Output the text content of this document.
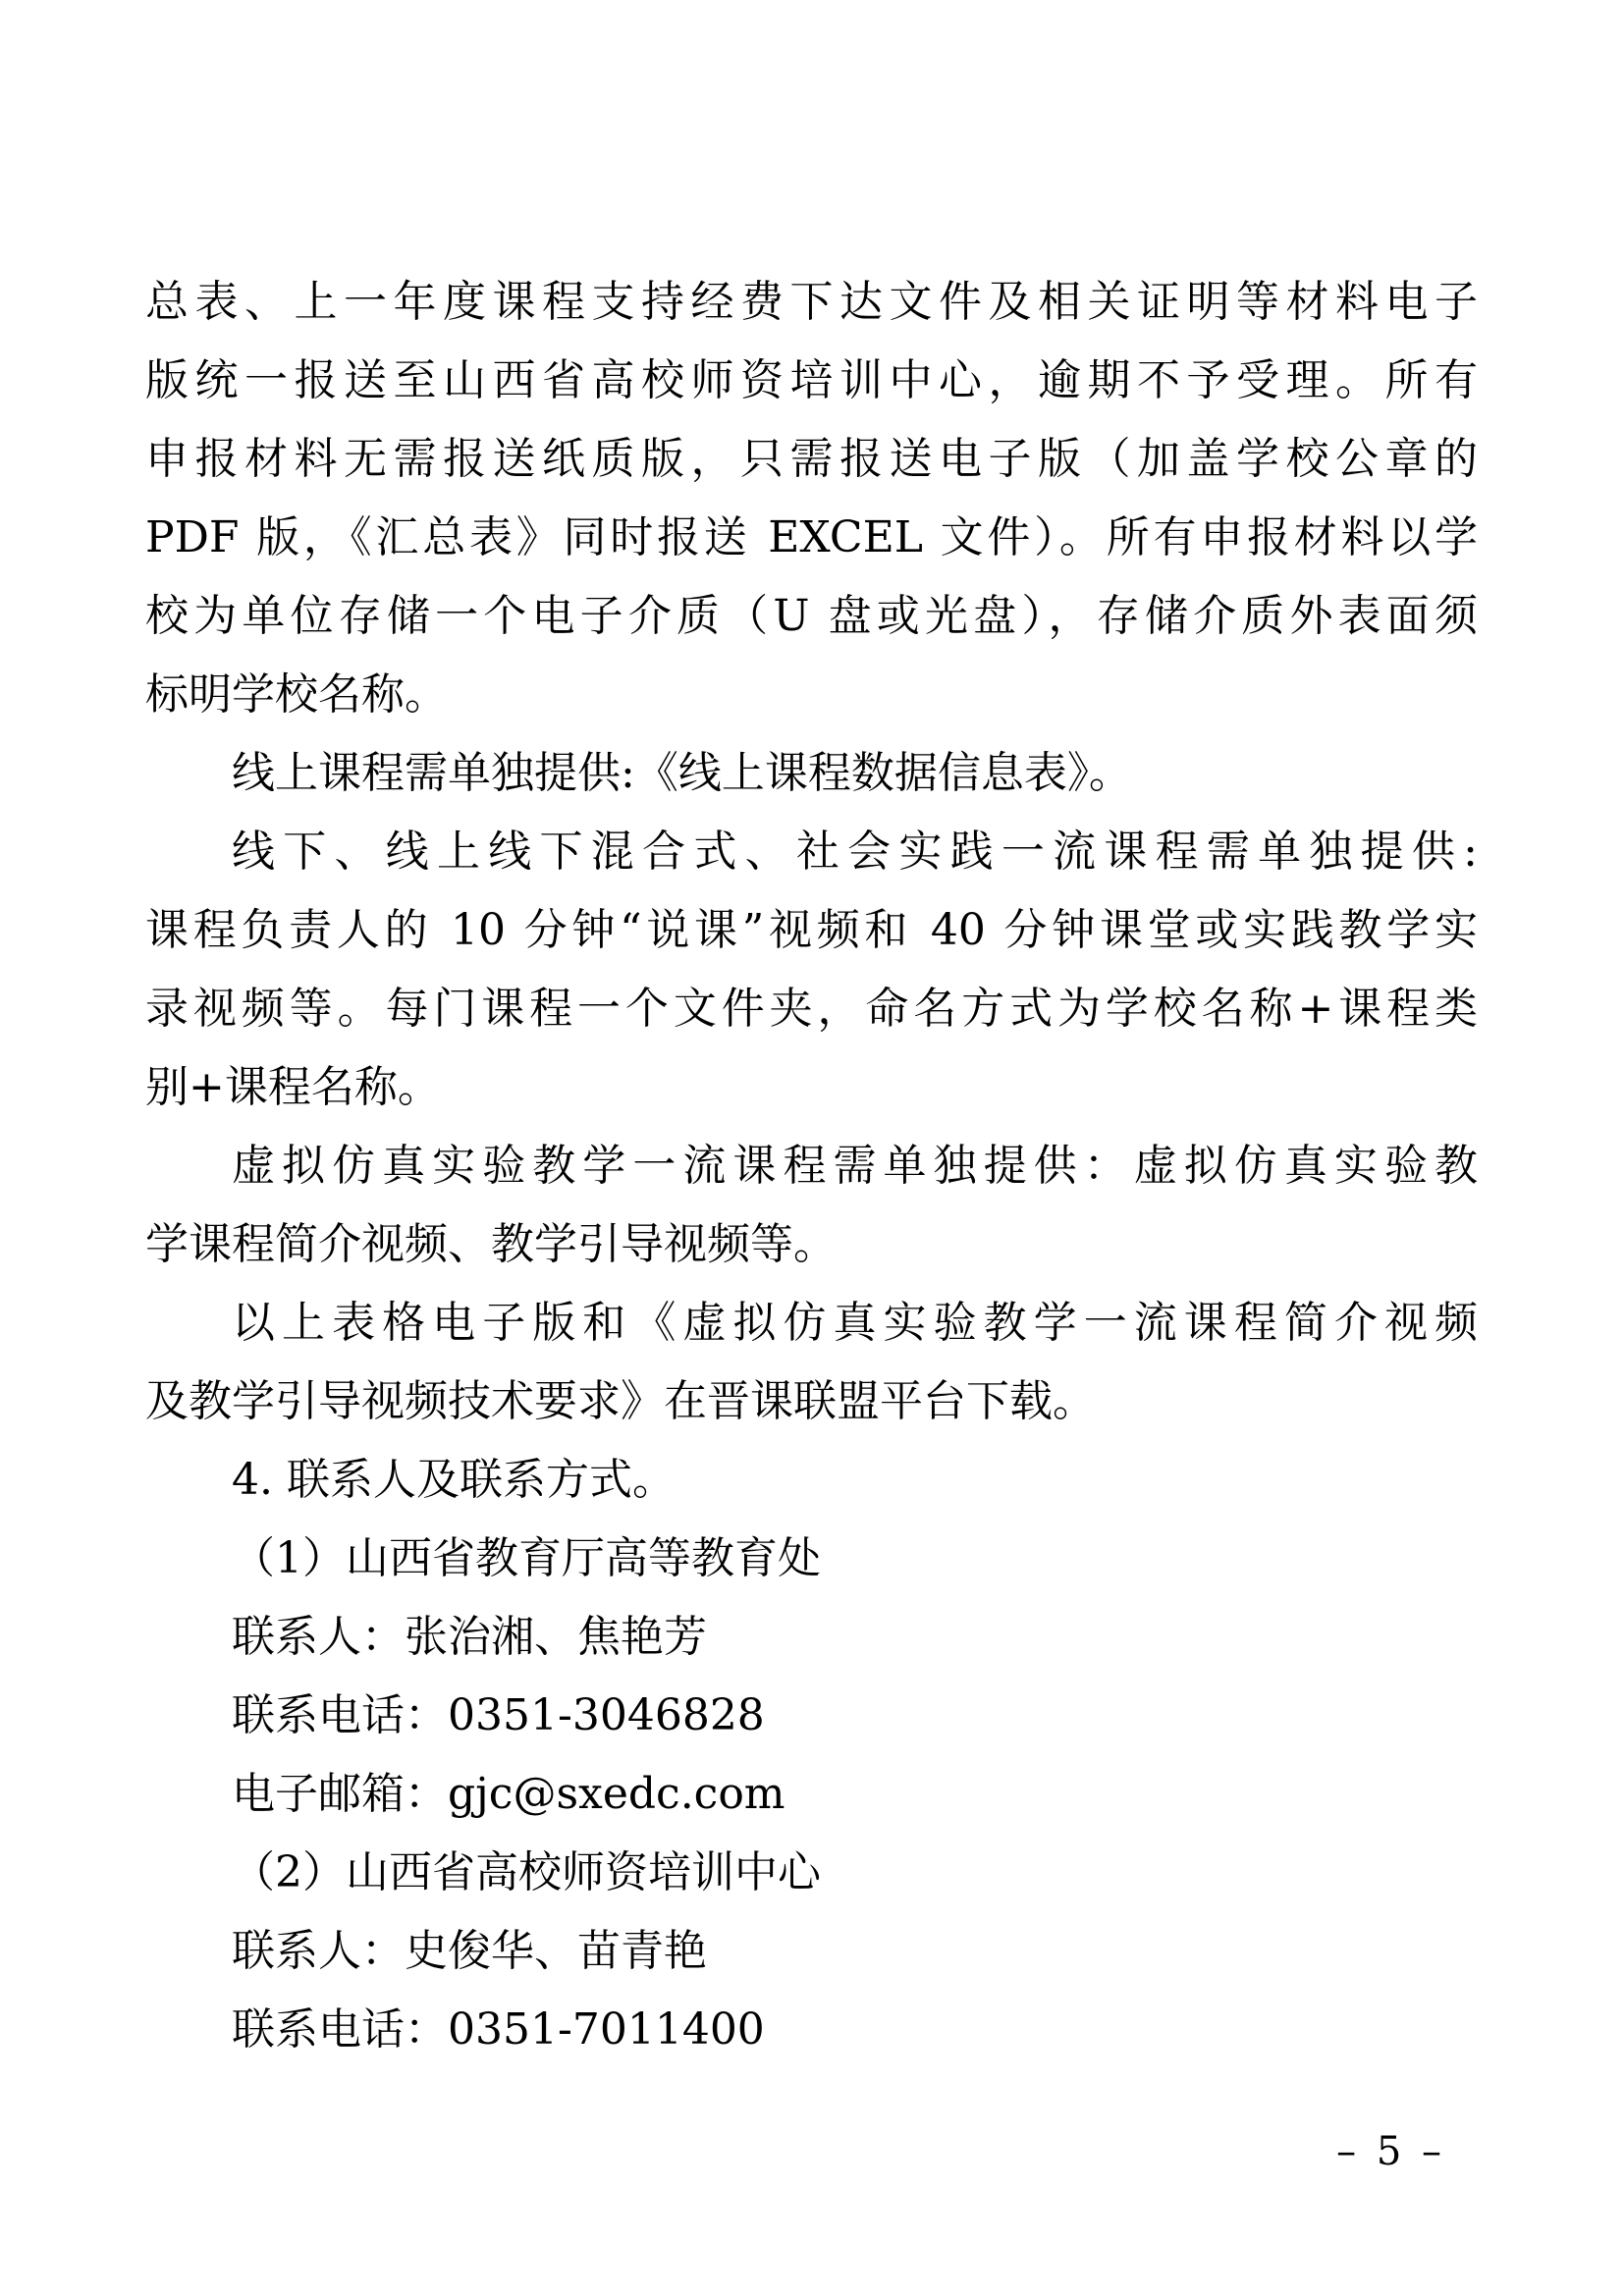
总表、上一年度课程支持经费下达文件及相关证明等材料电子
版统一报送至山西省高校师资培训中心，逾期不予受理。所有
申报材料无需报送纸质版，只需报送电子版（加盖学校公章的
PDF 版，《汇总表》同时报送 EXCEL 文件）。所有申报材料以学
校为单位存储一个电子介质（U 盘或光盘），存储介质外表面须
标明学校名称。
线上课程需单独提供:《线上课程数据信息表》。
线下、线上线下混合式、社会实践一流课程需单独提供:
课程负责人的 10 分钟“说课”视频和 40 分钟课堂或实践教学实
录视频等。每门课程一个文件夹，命名方式为学校名称+课程类
别+课程名称。
虚拟仿真实验教学一流课程需单独提供：虚拟仿真实验教
学课程简介视频、教学引导视频等。
以上表格电子版和《虚拟仿真实验教学一流课程简介视频
及教学引导视频技术要求》在晋课联盟平台下载。
4. 联系人及联系方式。
（1）山西省教育厅高等教育处
联系人：张治湘、焦艳芳
联系电话：0351-3046828
电子邮箱：gjc@sxedc.com
（2）山西省高校师资培训中心
联系人：史俊华、苗青艳
联系电话：0351-7011400
– 5 –
